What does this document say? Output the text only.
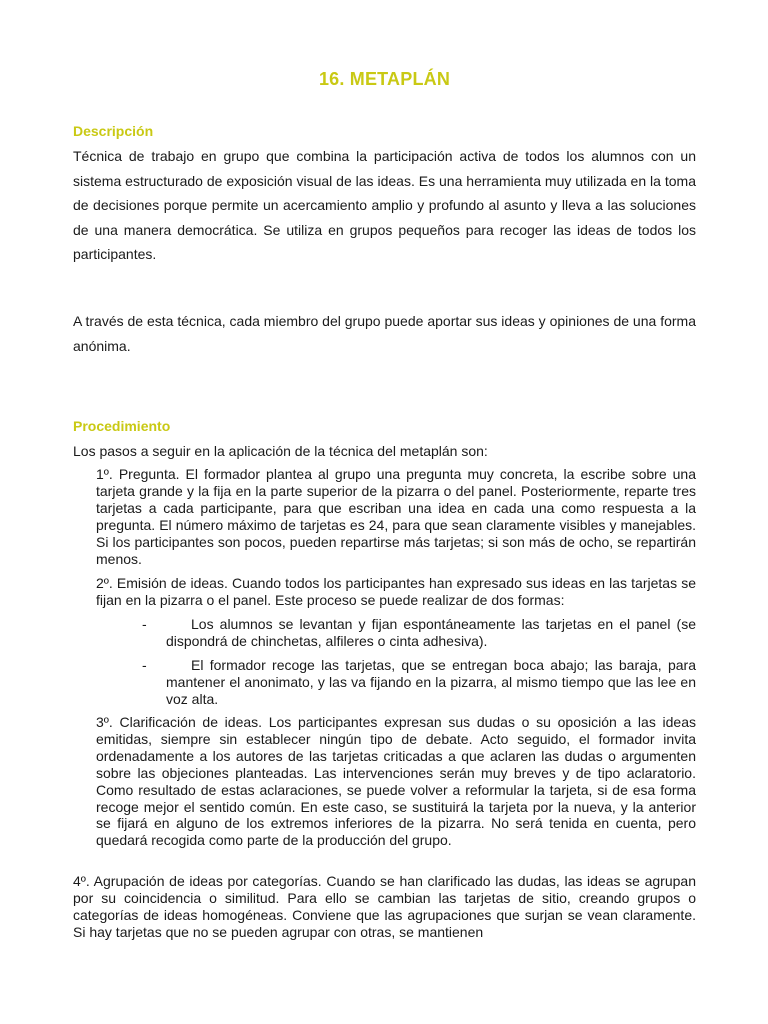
16. METAPLÁN
Descripción
Técnica de trabajo en grupo que combina la participación activa de todos los alumnos con un sistema estructurado de exposición visual de las ideas. Es una herramienta muy utilizada en la toma de decisiones porque permite un acercamiento amplio y profundo al asunto y lleva a las soluciones de una manera democrática. Se utiliza en grupos pequeños para recoger las ideas de todos los participantes.
A través de esta técnica, cada miembro del grupo puede aportar sus ideas y opiniones de una forma anónima.
Procedimiento
Los pasos a seguir en la aplicación de la técnica del metaplán son:
1º. Pregunta. El formador plantea al grupo una pregunta muy concreta, la escribe sobre una tarjeta grande y la fija en la parte superior de la pizarra o del panel. Posteriormente, reparte tres tarjetas a cada participante, para que escriban una idea en cada una como respuesta a la pregunta. El número máximo de tarjetas es 24, para que sean claramente visibles y manejables. Si los participantes son pocos, pueden repartirse más tarjetas; si son más de ocho, se repartirán menos.
2º. Emisión de ideas. Cuando todos los participantes han expresado sus ideas en las tarjetas se fijan en la pizarra o el panel. Este proceso se puede realizar de dos formas:
-	Los alumnos se levantan y fijan espontáneamente las tarjetas en el panel (se dispondrá de chinchetas, alfileres o cinta adhesiva).
-	El formador recoge las tarjetas, que se entregan boca abajo; las baraja, para mantener el anonimato, y las va fijando en la pizarra, al mismo tiempo que las lee en voz alta.
3º. Clarificación de ideas. Los participantes expresan sus dudas o su oposición a las ideas emitidas, siempre sin establecer ningún tipo de debate. Acto seguido, el formador invita ordenadamente a los autores de las tarjetas criticadas a que aclaren las dudas o argumenten sobre las objeciones planteadas. Las intervenciones serán muy breves y de tipo aclaratorio. Como resultado de estas aclaraciones, se puede volver a reformular la tarjeta, si de esa forma recoge mejor el sentido común. En este caso, se sustituirá la tarjeta por la nueva, y la anterior se fijará en alguno de los extremos inferiores de la pizarra. No será tenida en cuenta, pero quedará recogida como parte de la producción del grupo.
4º. Agrupación de ideas por categorías. Cuando se han clarificado las dudas, las ideas se agrupan por su coincidencia o similitud. Para ello se cambian las tarjetas de sitio, creando grupos o categorías de ideas homogéneas. Conviene que las agrupaciones que surjan se vean claramente. Si hay tarjetas que no se pueden agrupar con otras, se mantienen
